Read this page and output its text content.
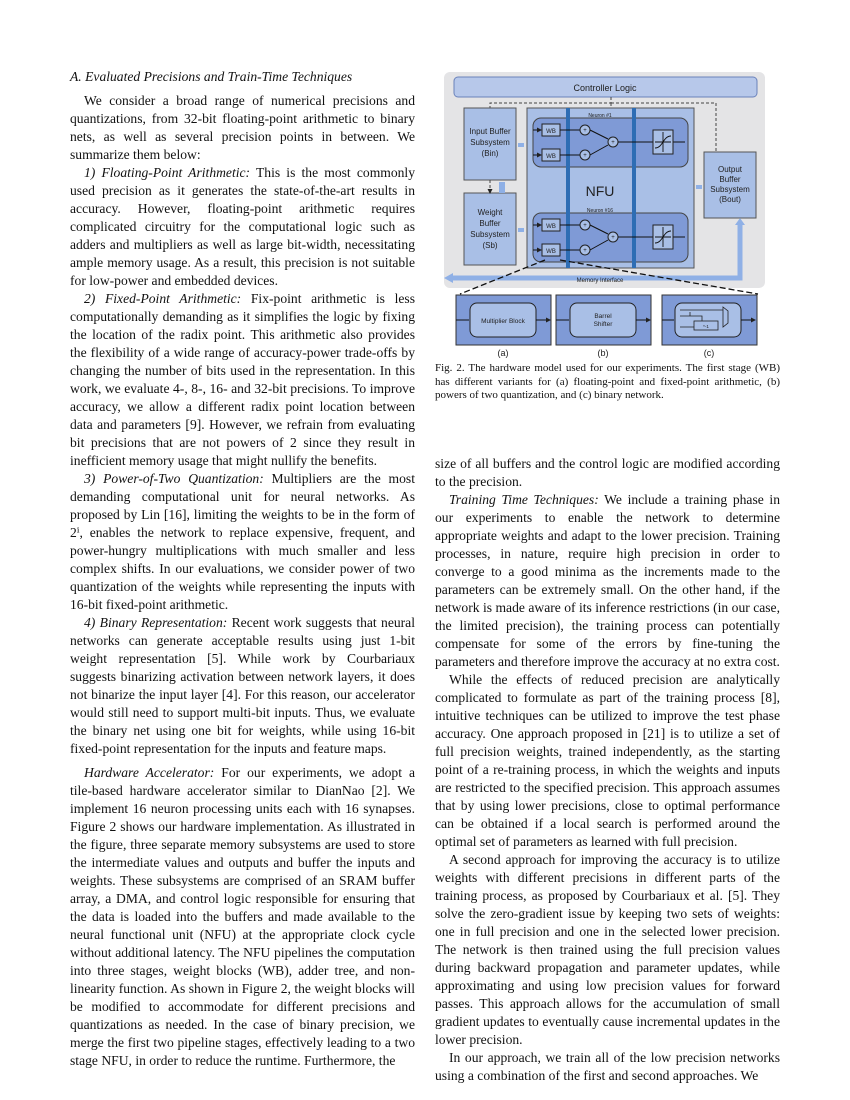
A. Evaluated Precisions and Train-Time Techniques

We consider a broad range of numerical precisions and quantizations, from 32-bit floating-point arithmetic to binary nets, as well as several precision points in between. We summarize them below:

1) Floating-Point Arithmetic: This is the most commonly used precision as it generates the state-of-the-art results in accuracy. However, floating-point arithmetic requires complicated circuitry for the computational logic such as adders and multipliers as well as large bit-width, necessitating ample memory usage. As a result, this precision is not suitable for low-power and embedded devices.

2) Fixed-Point Arithmetic: Fix-point arithmetic is less computationally demanding as it simplifies the logic by fixing the location of the radix point. This arithmetic also provides the flexibility of a wide range of accuracy-power trade-offs by changing the number of bits used in the representation. In this work, we evaluate 4-, 8-, 16- and 32-bit precisions. To improve accuracy, we allow a different radix point location between data and parameters [9]. However, we refrain from evaluating bit precisions that are not powers of 2 since they result in inefficient memory usage that might nullify the benefits.

3) Power-of-Two Quantization: Multipliers are the most demanding computational unit for neural networks. As proposed by Lin [16], limiting the weights to be in the form of 2ⁱ, enables the network to replace expensive, frequent, and power-hungry multiplications with much smaller and less complex shifts. In our evaluations, we consider power of two quantization of the weights while representing the inputs with 16-bit fixed-point arithmetic.

4) Binary Representation: Recent work suggests that neural networks can generate acceptable results using just 1-bit weight representation [5]. While work by Courbariaux suggests binarizing activation between network layers, it does not binarize the input layer [4]. For this reason, our accelerator would still need to support multi-bit inputs. Thus, we evaluate the binary net using one bit for weights, while using 16-bit fixed-point representation for the inputs and feature maps.

Hardware Accelerator: For our experiments, we adopt a tile-based hardware accelerator similar to DianNao [2]. We implement 16 neuron processing units each with 16 synapses. Figure 2 shows our hardware implementation. As illustrated in the figure, three separate memory subsystems are used to store the intermediate values and outputs and buffer the inputs and weights. These subsystems are comprised of an SRAM buffer array, a DMA, and control logic responsible for ensuring that the data is loaded into the buffers and made available to the neural functional unit (NFU) at the appropriate clock cycle without additional latency. The NFU pipelines the computation into three stages, weight blocks (WB), adder tree, and non-linearity function. As shown in Figure 2, the weight blocks will be modified to accommodate for different precisions and quantizations as needed. In the case of binary precision, we merge the first two pipeline stages, effectively leading to a two stage NFU, in order to reduce the runtime. Furthermore, the

Controller Logic
Input Buffer Subsystem (Bin)
Weight Buffer Subsystem (Sb)
Neuron #1
Neuron #16
NFU
WB	+
WB	+
+
WB	+
WB	+
+
Output Buffer Subsystem (Bout)
Memory Interface
Multiplier Block
(a)
Barrel Shifter
(b)
*-1
(c)
Fig. 2. The hardware model used for our experiments. The first stage (WB) has different variants for (a) floating-point and fixed-point arithmetic, (b) powers of two quantization, and (c) binary network.

size of all buffers and the control logic are modified according to the precision.

Training Time Techniques: We include a training phase in our experiments to enable the network to determine appropriate weights and adapt to the lower precision. Training processes, in nature, require high precision in order to converge to a good minima as the increments made to the parameters can be extremely small. On the other hand, if the network is made aware of its inference restrictions (in our case, the limited precision), the training process can potentially compensate for some of the errors by fine-tuning the parameters and therefore improve the accuracy at no extra cost.

While the effects of reduced precision are analytically complicated to formulate as part of the training process [8], intuitive techniques can be utilized to improve the test phase accuracy. One approach proposed in [21] is to utilize a set of full precision weights, trained independently, as the starting point of a re-training process, in which the weights and inputs are restricted to the specified precision. This approach assumes that by using lower precisions, close to optimal performance can be obtained if a local search is performed around the optimal set of parameters as learned with full precision.

A second approach for improving the accuracy is to utilize weights with different precisions in different parts of the training process, as proposed by Courbariaux et al. [5]. They solve the zero-gradient issue by keeping two sets of weights: one in full precision and one in the selected lower precision. The network is then trained using the full precision values during backward propagation and parameter updates, while approximating and using low precision values for forward passes. This approach allows for the accumulation of small gradient updates to eventually cause incremental updates in the lower precision.

In our approach, we train all of the low precision networks using a combination of the first and second approaches. We
